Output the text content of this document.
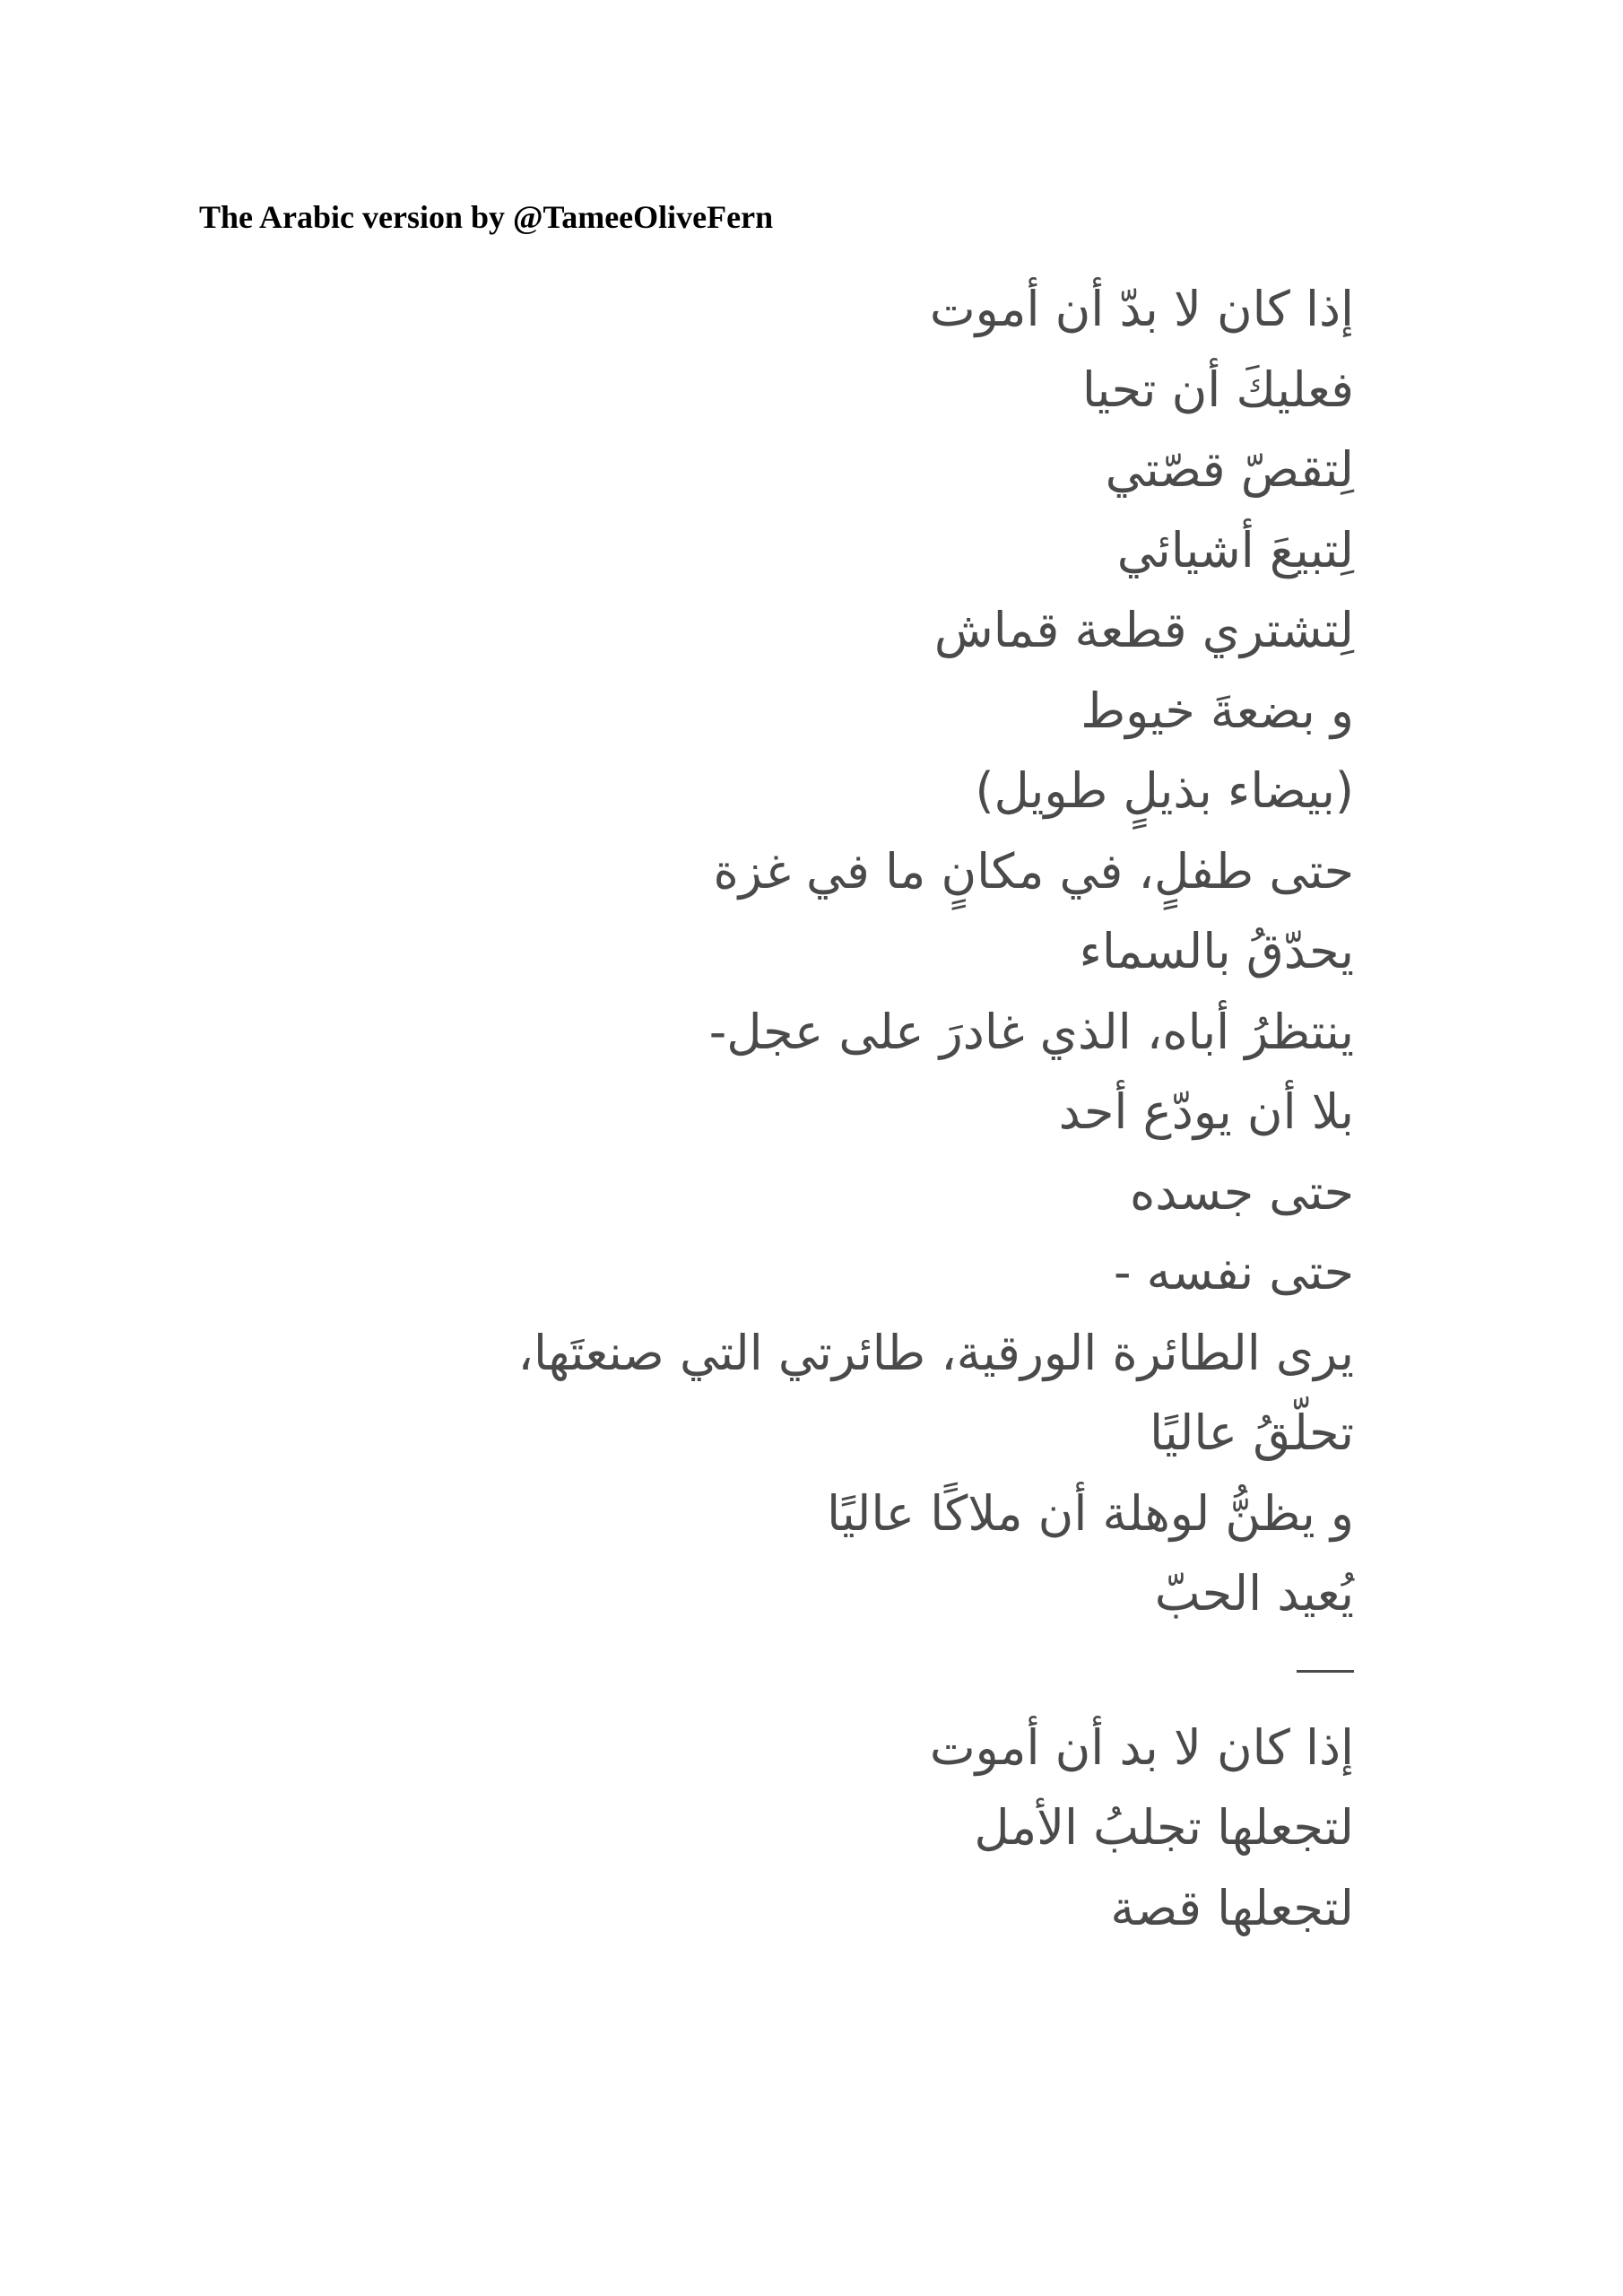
The Arabic version by @TameeOliveFern
إذا كان لا بدّ أن أموت
فعليكَ أن تحيا
لِتقصّ قصّتي
لِتبيعَ أشيائي
لِتشتري قطعة قماش
و بضعةَ خيوط
(بيضاء بذيلٍ طويل)
حتى طفلٍ، في مكانٍ ما في غزة
يحدّقُ بالسماء
ينتظرُ أباه، الذي غادرَ على عجل-
بلا أن يودّع أحد
حتى جسده
حتى نفسه -
يرى الطائرة الورقية، طائرتي التي صنعتَها،
تحلّقُ عاليًا
و يظنُّ لوهلة أن ملاكًا عاليًا
يُعيد الحبّ
إذا كان لا بد أن أموت
لتجعلها تجلبُ الأمل
لتجعلها قصة
